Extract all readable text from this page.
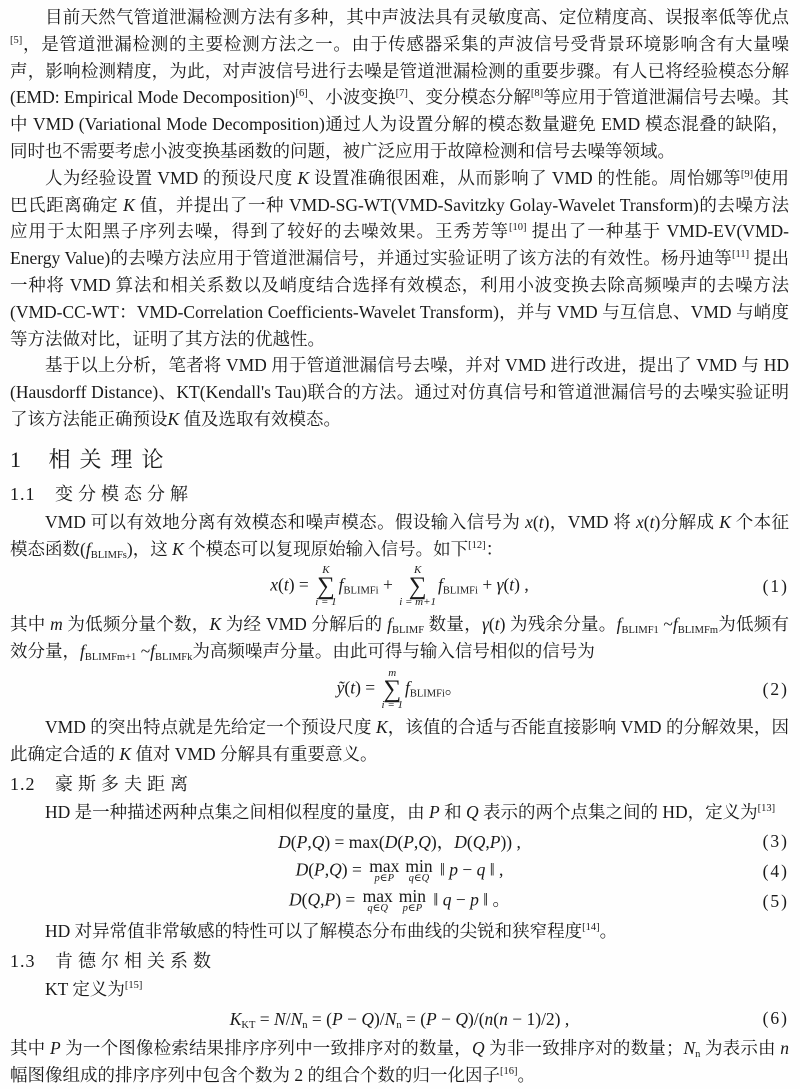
目前天然气管道泄漏检测方法有多种，其中声波法具有灵敏度高、定位精度高、误报率低等优点[5]，是管道泄漏检测的主要检测方法之一。由于传感器采集的声波信号受背景环境影响含有大量噪声，影响检测精度，为此，对声波信号进行去噪是管道泄漏检测的重要步骤。有人已将经验模态分解(EMD: Empirical Mode Decomposition)[6]、小波变换[7]、变分模态分解[8]等应用于管道泄漏信号去噪。其中 VMD (Variational Mode Decomposition)通过人为设置分解的模态数量避免 EMD 模态混叠的缺陷，同时也不需要考虑小波变换基函数的问题，被广泛应用于故障检测和信号去噪等领域。

人为经验设置 VMD 的预设尺度 K 设置准确很困难，从而影响了 VMD 的性能。周怡娜等[9]使用巴氏距离确定 K 值，并提出了一种 VMD-SG-WT(VMD-Savitzky Golay-Wavelet Transform)的去噪方法应用于太阳黑子序列去噪，得到了较好的去噪效果。王秀芳等[10] 提出了一种基于 VMD-EV(VMD-Energy Value)的去噪方法应用于管道泄漏信号，并通过实验证明了该方法的有效性。杨丹迪等[11] 提出一种将 VMD 算法和相关系数以及峭度结合选择有效模态，利用小波变换去除高频噪声的去噪方法(VMD-CC-WT：VMD-Correlation Coefficients-Wavelet Transform)，并与 VMD 与互信息、VMD 与峭度等方法做对比，证明了其方法的优越性。

基于以上分析，笔者将 VMD 用于管道泄漏信号去噪，并对 VMD 进行改进，提出了 VMD 与 HD (Hausdorff Distance)、KT(Kendall's Tau)联合的方法。通过对仿真信号和管道泄漏信号的去噪实验证明了该方法能正确预设K 值及选取有效模态。

1 相关理论
1.1 变分模态分解

VMD 可以有效地分离有效模态和噪声模态。假设输入信号为 x(t)，VMD 将 x(t)分解成 K 个本征模态函数$(f_{BLIMFs})$，这 K 个模态可以复现原始输入信号。如下[12]：

x(t) =
K
∑
i = 1
$f_{BLIMFi}$ +
K
∑
i = m+1
$f_{BLIMFi} + \gamma(t)$ ,	(1)

其中 m 为低频分量个数，K 为经 VMD 分解后的 $f_{BLIMF}$ 数量，γ(t) 为残余分量。$f_{BLIMF1}$ $\sim f_{BLIMFm}$为低频有效分量，$f_{BLIMFm+1}$ $\sim f_{BLIMFk}$为高频噪声分量。由此可得与输入信号相似的信号为

ỹ(t) =
m
∑
i = 1
$f_{BLIMFi}$。	(2)

VMD 的突出特点就是先给定一个预设尺度 K，该值的合适与否能直接影响 VMD 的分解效果，因此确定合适的 K 值对 VMD 分解具有重要意义。

1.2 豪斯多夫距离

HD 是一种描述两种点集之间相似程度的量度，由 P 和 Q 表示的两个点集之间的 HD，定义为[13]

D(P,Q) = max(D(P,Q)，D(Q,P)) ,	(3)
D(P,Q) = max
p∈P
min
q∈Q ‖ p − q ‖ ,	(4)
D(Q,P) = max
q∈Q
min
p∈P ‖ q − p ‖ 。	(5)

HD 对异常值非常敏感的特性可以了解模态分布曲线的尖锐和狭窄程度[14]。

1.3 肯德尔相关系数

KT 定义为[15]

$K_{KT} = N/N_n = (P - Q)/N_n = (P - Q)/(n(n - 1)/2)$ ,	(6)

其中 P 为一个图像检索结果排序序列中一致排序对的数量，Q 为非一致排序对的数量；$N_n$ 为表示由 n 幅图像组成的排序序列中包含个数为 2 的组合个数的归一化因子[16]。
